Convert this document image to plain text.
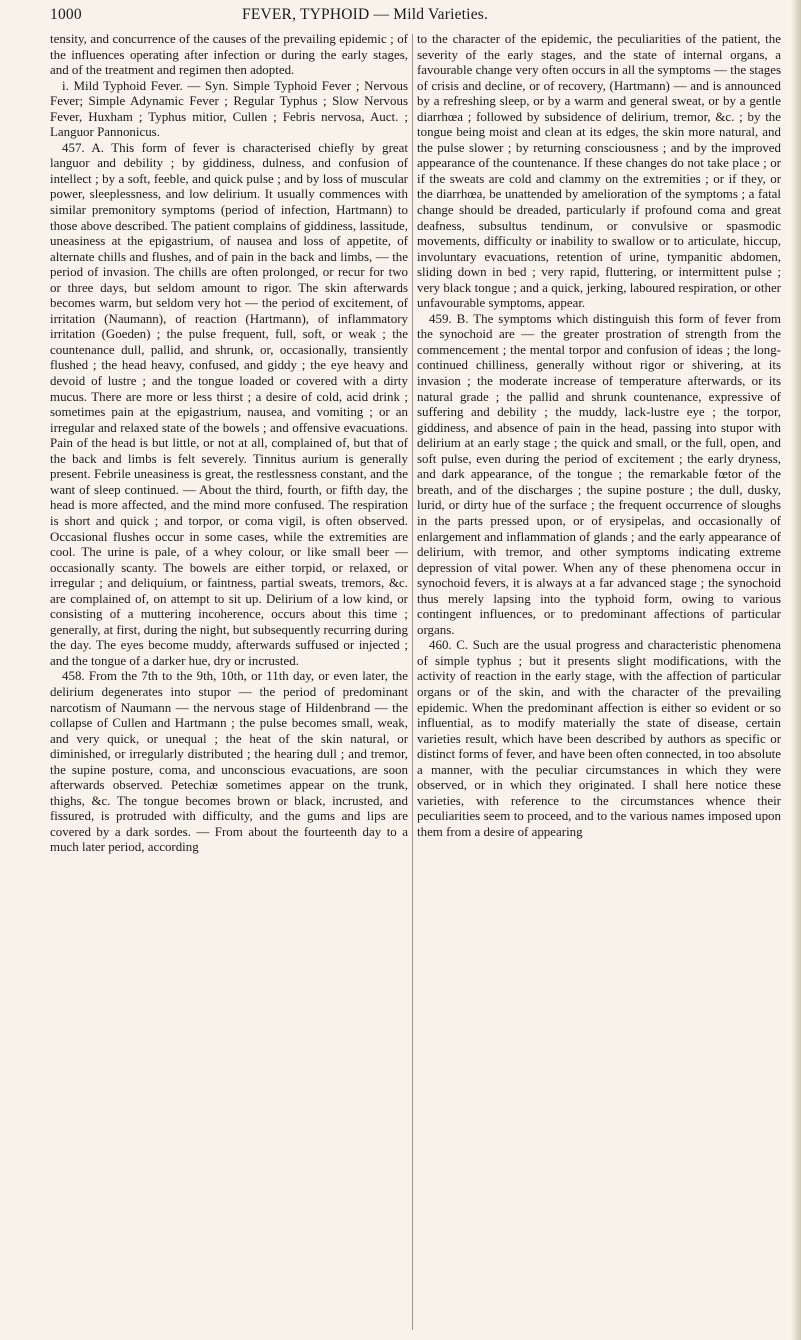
1000	FEVER, TYPHOID — Mild Varieties.

tensity, and concurrence of the causes of the prevailing epidemic ; of the influences operating after infection or during the early stages, and of the treatment and regimen then adopted.

i. Mild Typhoid Fever. — Syn. Simple Typhoid Fever ; Nervous Fever; Simple Adynamic Fever ; Regular Typhus ; Slow Nervous Fever, Huxham ; Typhus mitior, Cullen ; Febris nervosa, Auct. ; Languor Pannonicus.

457. A. This form of fever is characterised chiefly by great languor and debility ; by giddiness, dulness, and confusion of intellect ; by a soft, feeble, and quick pulse ; and by loss of muscular power, sleeplessness, and low delirium. It usually commences with similar premonitory symptoms (period of infection, Hartmann) to those above described. The patient complains of giddiness, lassitude, uneasiness at the epigastrium, of nausea and loss of appetite, of alternate chills and flushes, and of pain in the back and limbs, — the period of invasion. The chills are often prolonged, or recur for two or three days, but seldom amount to rigor. The skin afterwards becomes warm, but seldom very hot — the period of excitement, of irritation (Naumann), of reaction (Hartmann), of inflammatory irritation (Goeden) ; the pulse frequent, full, soft, or weak ; the countenance dull, pallid, and shrunk, or, occasionally, transiently flushed ; the head heavy, confused, and giddy ; the eye heavy and devoid of lustre ; and the tongue loaded or covered with a dirty mucus. There are more or less thirst ; a desire of cold, acid drink ; sometimes pain at the epigastrium, nausea, and vomiting ; or an irregular and relaxed state of the bowels ; and offensive evacuations. Pain of the head is but little, or not at all, complained of, but that of the back and limbs is felt severely. Tinnitus aurium is generally present. Febrile uneasiness is great, the restlessness constant, and the want of sleep continued. — About the third, fourth, or fifth day, the head is more affected, and the mind more confused. The respiration is short and quick ; and torpor, or coma vigil, is often observed. Occasional flushes occur in some cases, while the extremities are cool. The urine is pale, of a whey colour, or like small beer — occasionally scanty. The bowels are either torpid, or relaxed, or irregular ; and deliquium, or faintness, partial sweats, tremors, &c. are complained of, on attempt to sit up. Delirium of a low kind, or consisting of a muttering incoherence, occurs about this time ; generally, at first, during the night, but subsequently recurring during the day. The eyes become muddy, afterwards suffused or injected ; and the tongue of a darker hue, dry or incrusted.

458. From the 7th to the 9th, 10th, or 11th day, or even later, the delirium degenerates into stupor — the period of predominant narcotism of Naumann — the nervous stage of Hildenbrand — the collapse of Cullen and Hartmann ; the pulse becomes small, weak, and very quick, or unequal ; the heat of the skin natural, or diminished, or irregularly distributed ; the hearing dull ; and tremor, the supine posture, coma, and unconscious evacuations, are soon afterwards observed. Petechiæ sometimes appear on the trunk, thighs, &c. The tongue becomes brown or black, incrusted, and fissured, is protruded with difficulty, and the gums and lips are covered by a dark sordes. — From about the fourteenth day to a much later period, according

to the character of the epidemic, the peculiarities of the patient, the severity of the early stages, and the state of internal organs, a favourable change very often occurs in all the symptoms — the stages of crisis and decline, or of recovery, (Hartmann) — and is announced by a refreshing sleep, or by a warm and general sweat, or by a gentle diarrhœa ; followed by subsidence of delirium, tremor, &c. ; by the tongue being moist and clean at its edges, the skin more natural, and the pulse slower ; by returning consciousness ; and by the improved appearance of the countenance. If these changes do not take place ; or if the sweats are cold and clammy on the extremities ; or if they, or the diarrhœa, be unattended by amelioration of the symptoms ; a fatal change should be dreaded, particularly if profound coma and great deafness, subsultus tendinum, or convulsive or spasmodic movements, difficulty or inability to swallow or to articulate, hiccup, involuntary evacuations, retention of urine, tympanitic abdomen, sliding down in bed ; very rapid, fluttering, or intermittent pulse ; very black tongue ; and a quick, jerking, laboured respiration, or other unfavourable symptoms, appear.

459. B. The symptoms which distinguish this form of fever from the synochoid are — the greater prostration of strength from the commencement ; the mental torpor and confusion of ideas ; the long-continued chilliness, generally without rigor or shivering, at its invasion ; the moderate increase of temperature afterwards, or its natural grade ; the pallid and shrunk countenance, expressive of suffering and debility ; the muddy, lack-lustre eye ; the torpor, giddiness, and absence of pain in the head, passing into stupor with delirium at an early stage ; the quick and small, or the full, open, and soft pulse, even during the period of excitement ; the early dryness, and dark appearance, of the tongue ; the remarkable fœtor of the breath, and of the discharges ; the supine posture ; the dull, dusky, lurid, or dirty hue of the surface ; the frequent occurrence of sloughs in the parts pressed upon, or of erysipelas, and occasionally of enlargement and inflammation of glands ; and the early appearance of delirium, with tremor, and other symptoms indicating extreme depression of vital power. When any of these phenomena occur in synochoid fevers, it is always at a far advanced stage ; the synochoid thus merely lapsing into the typhoid form, owing to various contingent influences, or to predominant affections of particular organs.

460. C. Such are the usual progress and characteristic phenomena of simple typhus ; but it presents slight modifications, with the activity of reaction in the early stage, with the affection of particular organs or of the skin, and with the character of the prevailing epidemic. When the predominant affection is either so evident or so influential, as to modify materially the state of disease, certain varieties result, which have been described by authors as specific or distinct forms of fever, and have been often connected, in too absolute a manner, with the peculiar circumstances in which they were observed, or in which they originated. I shall here notice these varieties, with reference to the circumstances whence their peculiarities seem to proceed, and to the various names imposed upon them from a desire of appearing
